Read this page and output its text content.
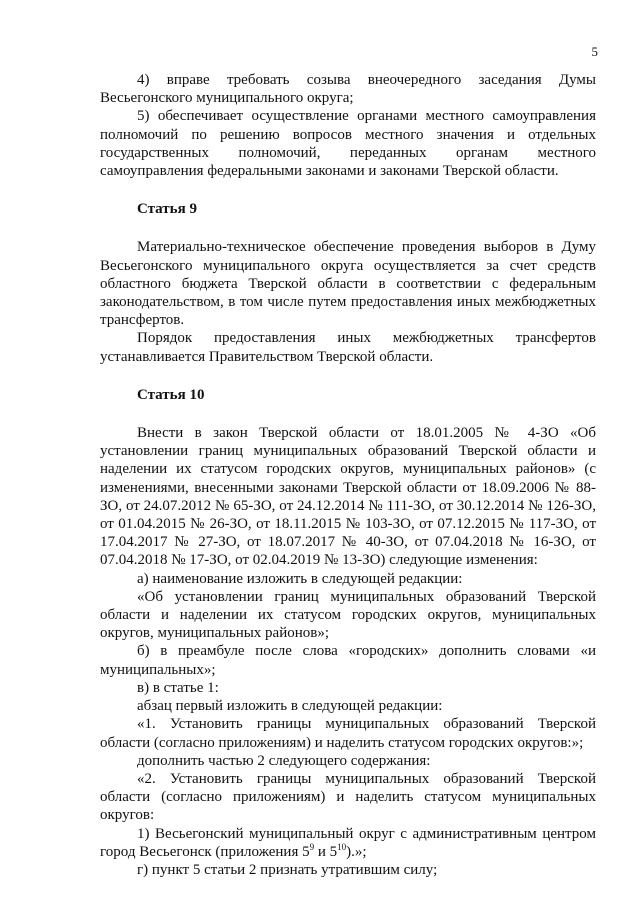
5

4) вправе требовать созыва внеочередного заседания Думы Весьегонского муниципального округа;

5) обеспечивает осуществление органами местного самоуправления полномочий по решению вопросов местного значения и отдельных государственных полномочий, переданных органам местного самоуправления федеральными законами и законами Тверской области.

Статья 9

Материально-техническое обеспечение проведения выборов в Думу Весьегонского муниципального округа осуществляется за счет средств областного бюджета Тверской области в соответствии с федеральным законодательством, в том числе путем предоставления иных межбюджетных трансфертов.

Порядок предоставления иных межбюджетных трансфертов устанавливается Правительством Тверской области.

Статья 10

Внести в закон Тверской области от 18.01.2005 № 4-ЗО «Об установлении границ муниципальных образований Тверской области и наделении их статусом городских округов, муниципальных районов» (с изменениями, внесенными законами Тверской области от 18.09.2006 № 88-ЗО, от 24.07.2012 № 65-ЗО, от 24.12.2014 № 111-ЗО, от 30.12.2014 № 126-ЗО, от 01.04.2015 № 26-ЗО, от 18.11.2015 № 103-ЗО, от 07.12.2015 № 117-ЗО, от 17.04.2017 № 27-ЗО, от 18.07.2017 № 40-ЗО, от 07.04.2018 № 16-ЗО, от 07.04.2018 № 17-ЗО, от 02.04.2019 № 13-ЗО) следующие изменения:

а) наименование изложить в следующей редакции:

«Об установлении границ муниципальных образований Тверской области и наделении их статусом городских округов, муниципальных округов, муниципальных районов»;

б) в преамбуле после слова «городских» дополнить словами «и муниципальных»;

в) в статье 1:

абзац первый изложить в следующей редакции:

«1. Установить границы муниципальных образований Тверской области (согласно приложениям) и наделить статусом городских округов:»;

дополнить частью 2 следующего содержания:

«2. Установить границы муниципальных образований Тверской области (согласно приложениям) и наделить статусом муниципальных округов:

1) Весьегонский муниципальный округ с административным центром город Весьегонск (приложения $5^9$ и $5^{10}$).»;

г) пункт 5 статьи 2 признать утратившим силу;
